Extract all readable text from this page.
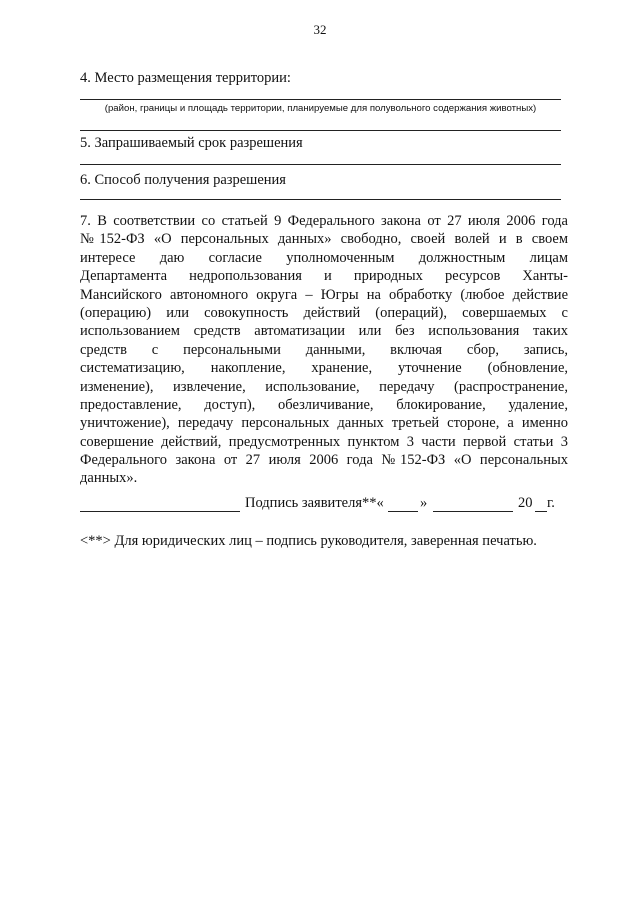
32
4. Место размещения территории:
(район, границы и площадь территории, планируемые для полувольного содержания животных)
5. Запрашиваемый срок разрешения
6. Способ получения разрешения
7. В соответствии со статьей 9 Федерального закона от 27 июля 2006 года
№152-ФЗ «О персональных данных» свободно, своей волей и в своем
интересе даю согласие уполномоченным должностным лицам
Департамента недропользования и природных ресурсов Ханты-
Мансийского автономного округа – Югры на обработку (любое действие
(операцию) или совокупность действий (операций), совершаемых с
использованием средств автоматизации или без использования таких
средств с персональными данными, включая сбор, запись,
систематизацию, накопление, хранение, уточнение (обновление,
изменение), извлечение, использование, передачу (распространение,
предоставление, доступ), обезличивание, блокирование, удаление,
уничтожение), передачу персональных данных третьей стороне, а именно
совершение действий, предусмотренных пунктом 3 части первой статьи 3
Федерального закона от 27 июля 2006 года №152-ФЗ «О персональных
данных».
Подпись заявителя**«	»	20 г.
<**> Для юридических лиц – подпись руководителя, заверенная печатью.
